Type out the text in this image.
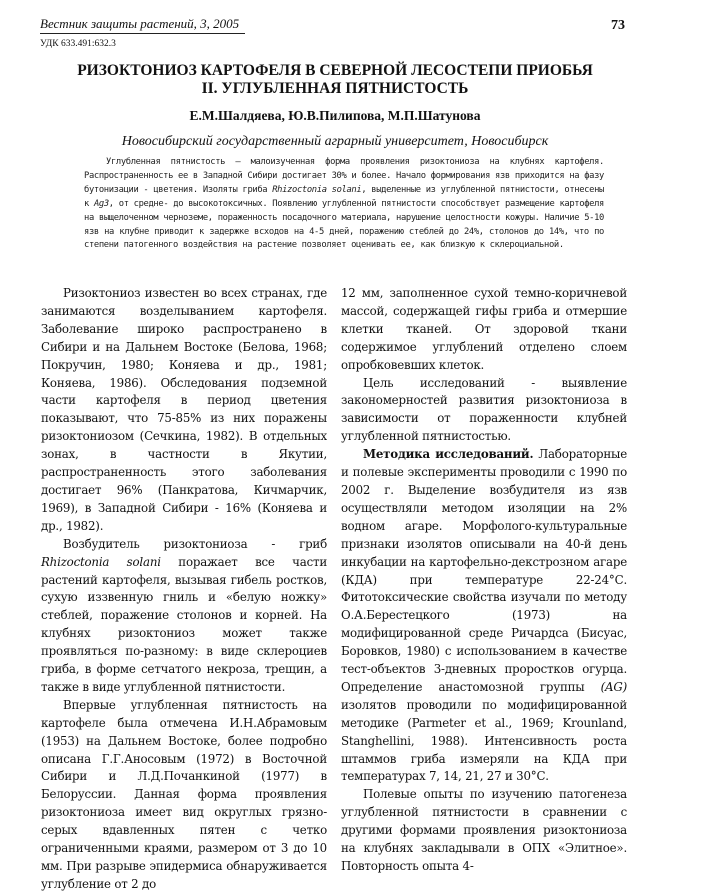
Вестник защиты растений, 3, 2005	73
УДК 633.491:632.3
РИЗОКТОНИОЗ КАРТОФЕЛЯ В СЕВЕРНОЙ ЛЕСОСТЕПИ ПРИОБЬЯ
II. УГЛУБЛЕННАЯ ПЯТНИСТОСТЬ
Е.М.Шалдяева, Ю.В.Пилипова, М.П.Шатунова
Новосибирский государственный аграрный университет, Новосибирск
Углубленная пятнистость – малоизученная форма проявления ризоктониоза на клубнях картофеля. Распространенность ее в Западной Сибири достигает 30% и более. Начало формирования язв приходится на фазу бутонизации - цветения. Изоляты гриба Rhizoctonia solani, выделенные из углубленной пятнистости, отнесены к Ag3, от средне- до высокотоксичных. Появлению углубленной пятнистости способствует размещение картофеля на выщелоченном черноземе, пораженность посадочного материала, нарушение целостности кожуры. Наличие 5-10 язв на клубне приводит к задержке всходов на 4-5 дней, поражению стеблей до 24%, столонов до 14%, что по степени патогенного воздействия на растение позволяет оценивать ее, как близкую к склероциальной.

Ризоктониоз известен во всех странах, где занимаются возделыванием картофеля. Заболевание широко распространено в Сибири и на Дальнем Востоке (Белова, 1968; Покручин, 1980; Коняева и др., 1981; Коняева, 1986). Обследования подземной части картофеля в период цветения показывают, что 75-85% из них поражены ризоктониозом (Сечкина, 1982). В отдельных зонах, в частности в Якутии, распространенность этого заболевания достигает 96% (Панкратова, Кичмарчик, 1969), в Западной Сибири - 16% (Коняева и др., 1982).

Возбудитель ризоктониоза - гриб Rhizoctonia solani поражает все части растений картофеля, вызывая гибель ростков, сухую иззвенную гниль и «белую ножку» стеблей, поражение столонов и корней. На клубнях ризоктониоз может также проявляться по-разному: в виде склероциев гриба, в форме сетчатого некроза, трещин, а также в виде углубленной пятнистости.

Впервые углубленная пятнистость на картофеле была отмечена И.Н.Абрамовым (1953) на Дальнем Востоке, более подробно описана Г.Г.Аносовым (1972) в Восточной Сибири и Л.Д.Почанкиной (1977) в Белоруссии. Данная форма проявления ризоктониоза имеет вид округлых грязно-серых вдавленных пятен с четко ограниченными краями, размером от 3 до 10 мм. При разрыве эпидермиса обнаруживается углубление от 2 до

12 мм, заполненное сухой темно-коричневой массой, содержащей гифы гриба и отмершие клетки тканей. От здоровой ткани содержимое углублений отделено слоем опробковевших клеток.

Цель исследований - выявление закономерностей развития ризоктониоза в зависимости от пораженности клубней углубленной пятнистостью.

Методика исследований. Лабораторные и полевые эксперименты проводили с 1990 по 2002 г. Выделение возбудителя из язв осуществляли методом изоляции на 2% водном агаре. Морфолого-культуральные признаки изолятов описывали на 40-й день инкубации на картофельно-декстрозном агаре (КДА) при температуре 22-24°С. Фитотоксические свойства изучали по методу О.А.Берестецкого (1973) на модифицированной среде Ричардса (Бисуас, Боровков, 1980) с использованием в качестве тест-объектов 3-дневных проростков огурца. Определение анастомозной группы (AG) изолятов проводили по модифицированной методике (Parmeter et al., 1969; Krounland, Stanghellini, 1988). Интенсивность роста штаммов гриба измеряли на КДА при температурах 7, 14, 21, 27 и 30°С.

Полевые опыты по изучению патогенеза углубленной пятнистости в сравнении с другими формами проявления ризоктониоза на клубнях закладывали в ОПХ «Элитное». Повторность опыта 4-
